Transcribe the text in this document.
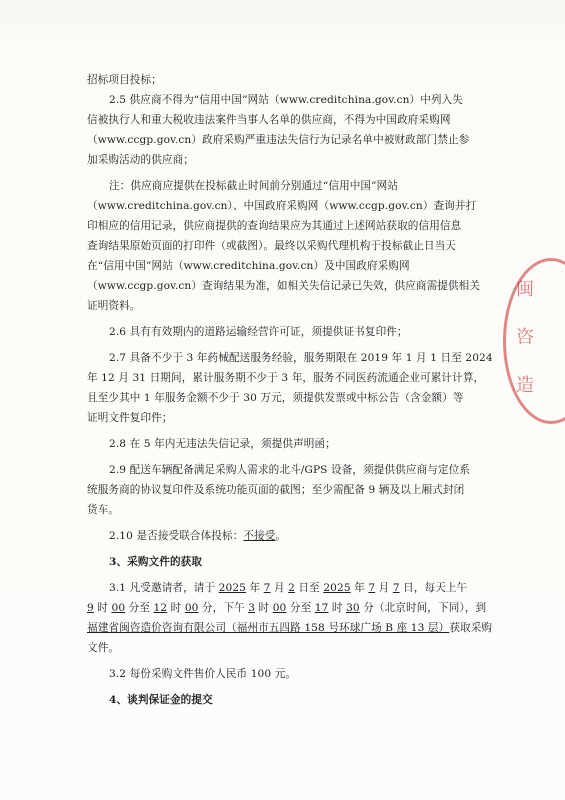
招标项目投标；

2.5 供应商不得为“信用中国”网站（www.creditchina.gov.cn）中列入失

信被执行人和重大税收违法案件当事人名单的供应商，不得为中国政府采购网

（www.ccgp.gov.cn）政府采购严重违法失信行为记录名单中被财政部门禁止参

加采购活动的供应商；

注：供应商应提供在投标截止时间前分别通过“信用中国”网站

（www.creditchina.gov.cn）、中国政府采购网（www.ccgp.gov.cn）查询并打

印相应的信用记录，供应商提供的查询结果应为其通过上述网站获取的信用信息

查询结果原始页面的打印件（或截图）。最终以采购代理机构于投标截止日当天

在“信用中国”网站（www.creditchina.gov.cn）及中国政府采购网

（www.ccgp.gov.cn）查询结果为准，如相关失信记录已失效，供应商需提供相关

证明资料。

2.6 具有有效期内的道路运输经营许可证，须提供证书复印件；

2.7 具备不少于 3 年药械配送服务经验，服务期限在 2019 年 1 月 1 日至 2024

年 12 月 31 日期间，累计服务期不少于 3 年，服务不同医药流通企业可累计计算，

且至少其中 1 年服务金额不少于 30 万元，须提供发票或中标公告（含金额）等

证明文件复印件；

2.8 在 5 年内无违法失信记录，须提供声明函；

2.9 配送车辆配备满足采购人需求的北斗/GPS 设备，须提供供应商与定位系

统服务商的协议复印件及系统功能页面的截图；至少需配备 9 辆及以上厢式封闭

货车。

2.10 是否接受联合体投标：不接受。

3、采购文件的获取

3.1 凡受邀请者，请于 2025 年 7 月 2 日至 2025 年 7 月 7 日，每天上午

9 时 00 分至 12 时 00 分，下午 3 时 00 分至 17 时 30 分（北京时间，下同），到

福建省闽咨造价咨询有限公司（福州市五四路 158 号环球广场 B 座 13 层）获取采购

文件。

3.2 每份采购文件售价人民币 100 元。

4、谈判保证金的提交

闽
咨
造
